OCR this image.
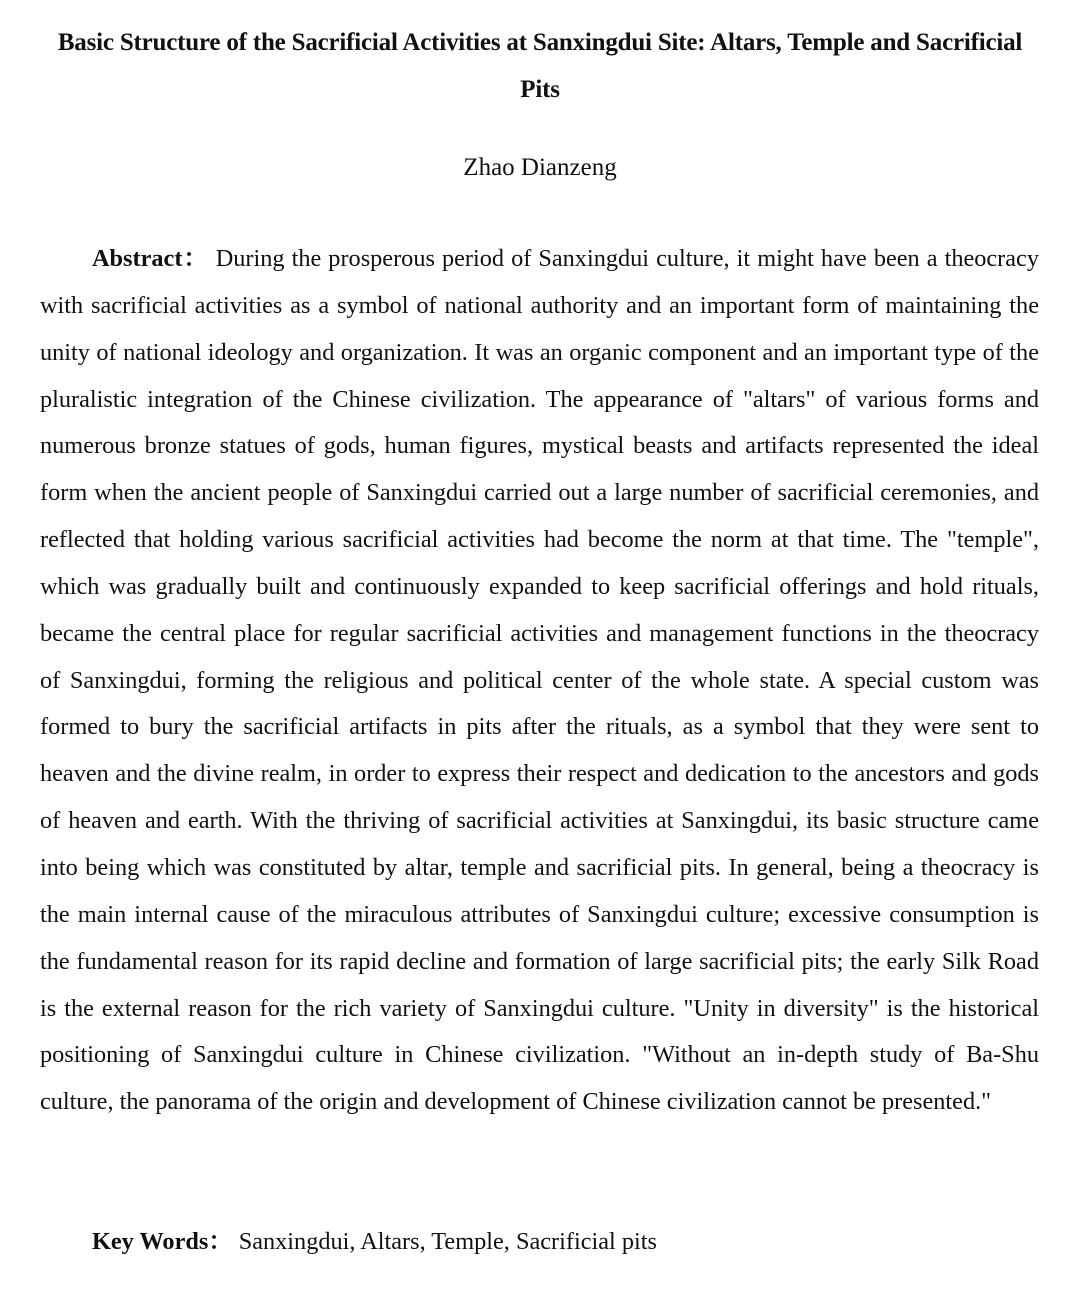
Basic Structure of the Sacrificial Activities at Sanxingdui Site: Altars, Temple and Sacrificial Pits

Zhao Dianzeng

Abstract： During the prosperous period of Sanxingdui culture, it might have been a theocracy with sacrificial activities as a symbol of national authority and an important form of maintaining the unity of national ideology and organization. It was an organic component and an important type of the pluralistic integration of the Chinese civilization. The appearance of "altars" of various forms and numerous bronze statues of gods, human figures, mystical beasts and artifacts represented the ideal form when the ancient people of Sanxingdui carried out a large number of sacrificial ceremonies, and reflected that holding various sacrificial activities had become the norm at that time. The "temple", which was gradually built and continuously expanded to keep sacrificial offerings and hold rituals, became the central place for regular sacrificial activities and management functions in the theocracy of Sanxingdui, forming the religious and political center of the whole state. A special custom was formed to bury the sacrificial artifacts in pits after the rituals, as a symbol that they were sent to heaven and the divine realm, in order to express their respect and dedication to the ancestors and gods of heaven and earth. With the thriving of sacrificial activities at Sanxingdui, its basic structure came into being which was constituted by altar, temple and sacrificial pits. In general, being a theocracy is the main internal cause of the miraculous attributes of Sanxingdui culture; excessive consumption is the fundamental reason for its rapid decline and formation of large sacrificial pits; the early Silk Road is the external reason for the rich variety of Sanxingdui culture. "Unity in diversity" is the historical positioning of Sanxingdui culture in Chinese civilization. "Without an in-depth study of Ba-Shu culture, the panorama of the origin and development of Chinese civilization cannot be presented."

Key Words： Sanxingdui, Altars, Temple, Sacrificial pits
